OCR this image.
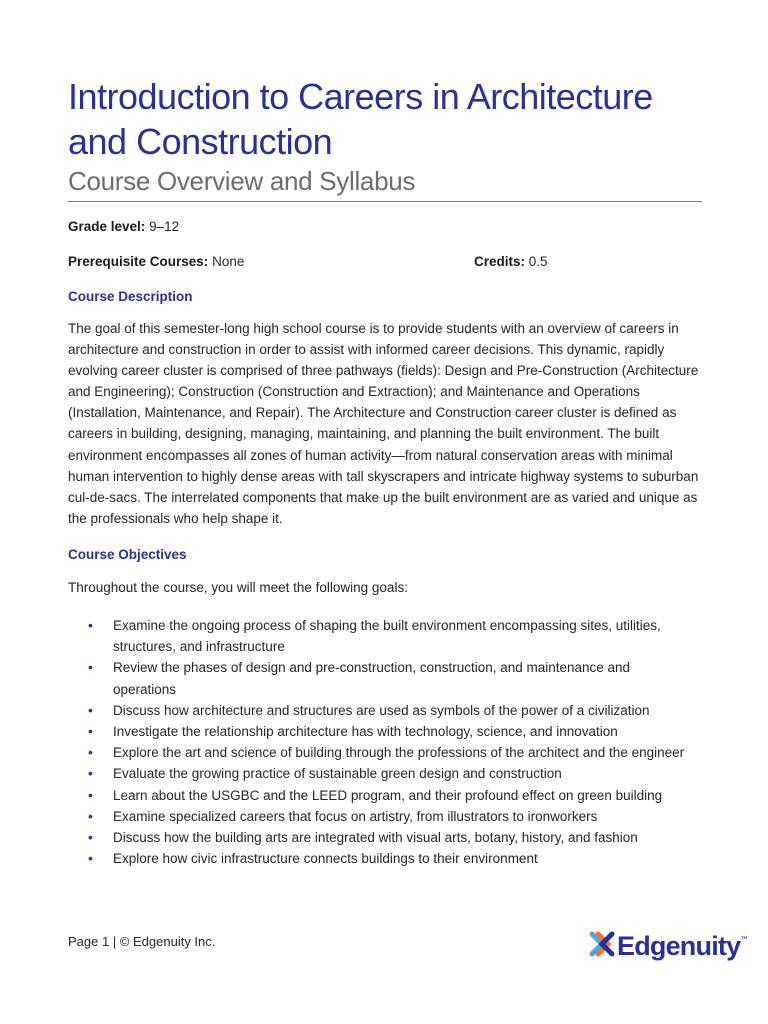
Introduction to Careers in Architecture
and Construction
Course Overview and Syllabus
Grade level: 9–12
Prerequisite Courses: None	Credits: 0.5
Course Description

The goal of this semester-long high school course is to provide students with an overview of careers in architecture and construction in order to assist with informed career decisions. This dynamic, rapidly evolving career cluster is comprised of three pathways (fields): Design and Pre-Construction (Architecture and Engineering); Construction (Construction and Extraction); and Maintenance and Operations (Installation, Maintenance, and Repair). The Architecture and Construction career cluster is defined as careers in building, designing, managing, maintaining, and planning the built environment. The built environment encompasses all zones of human activity—from natural conservation areas with minimal human intervention to highly dense areas with tall skyscrapers and intricate highway systems to suburban cul-de-sacs. The interrelated components that make up the built environment are as varied and unique as the professionals who help shape it.

Course Objectives

Throughout the course, you will meet the following goals:

• Examine the ongoing process of shaping the built environment encompassing sites, utilities, structures, and infrastructure
• Review the phases of design and pre-construction, construction, and maintenance and operations
• Discuss how architecture and structures are used as symbols of the power of a civilization
• Investigate the relationship architecture has with technology, science, and innovation
• Explore the art and science of building through the professions of the architect and the engineer
• Evaluate the growing practice of sustainable green design and construction
• Learn about the USGBC and the LEED program, and their profound effect on green building
• Examine specialized careers that focus on artistry, from illustrators to ironworkers
• Discuss how the building arts are integrated with visual arts, botany, history, and fashion
• Explore how civic infrastructure connects buildings to their environment
Page 1 | © Edgenuity Inc.	Edgenuity ™
